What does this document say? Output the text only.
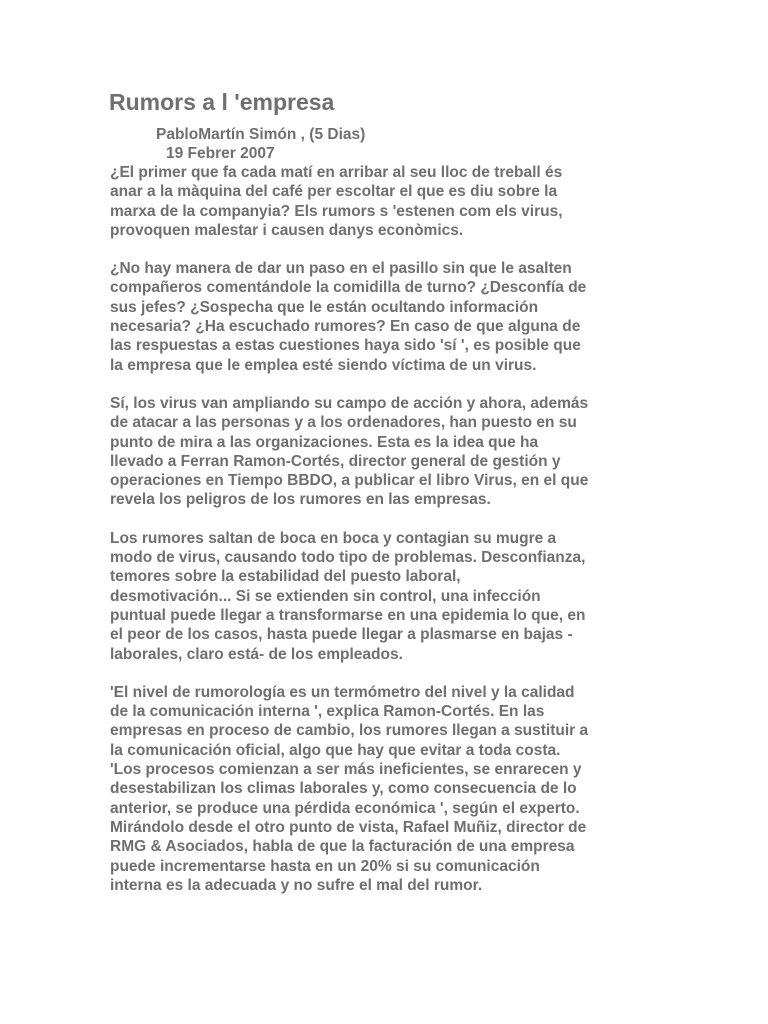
Rumors a l 'empresa

PabloMartín Simón , (5 Dias)

19 Febrer 2007

¿El primer que fa cada matí en arribar al seu lloc de treball és
anar a la màquina del café per escoltar el que es diu sobre la
marxa de la companyia? Els rumors s 'estenen com els virus,
provoquen malestar i causen danys econòmics.

¿No hay manera de dar un paso en el pasillo sin que le asalten
compañeros comentándole la comidilla de turno? ¿Desconfía de
sus jefes? ¿Sospecha que le están ocultando información
necesaria? ¿Ha escuchado rumores? En caso de que alguna de
las respuestas a estas cuestiones haya sido 'sí ', es posible que
la empresa que le emplea esté siendo víctima de un virus.

Sí, los virus van ampliando su campo de acción y ahora, además
de atacar a las personas y a los ordenadores, han puesto en su
punto de mira a las organizaciones. Esta es la idea que ha
llevado a Ferran Ramon-Cortés, director general de gestión y
operaciones en Tiempo BBDO, a publicar el libro Virus, en el que
revela los peligros de los rumores en las empresas.

Los rumores saltan de boca en boca y contagian su mugre a
modo de virus, causando todo tipo de problemas. Desconfianza,
temores sobre la estabilidad del puesto laboral,
desmotivación... Si se extienden sin control, una infección
puntual puede llegar a transformarse en una epidemia lo que, en
el peor de los casos, hasta puede llegar a plasmarse en bajas -
laborales, claro está- de los empleados.

'El nivel de rumorología es un termómetro del nivel y la calidad
de la comunicación interna ', explica Ramon-Cortés. En las
empresas en proceso de cambio, los rumores llegan a sustituir a
la comunicación oficial, algo que hay que evitar a toda costa.
'Los procesos comienzan a ser más ineficientes, se enrarecen y
desestabilizan los climas laborales y, como consecuencia de lo
anterior, se produce una pérdida económica ', según el experto.
Mirándolo desde el otro punto de vista, Rafael Muñiz, director de
RMG & Asociados, habla de que la facturación de una empresa
puede incrementarse hasta en un 20% si su comunicación
interna es la adecuada y no sufre el mal del rumor.
